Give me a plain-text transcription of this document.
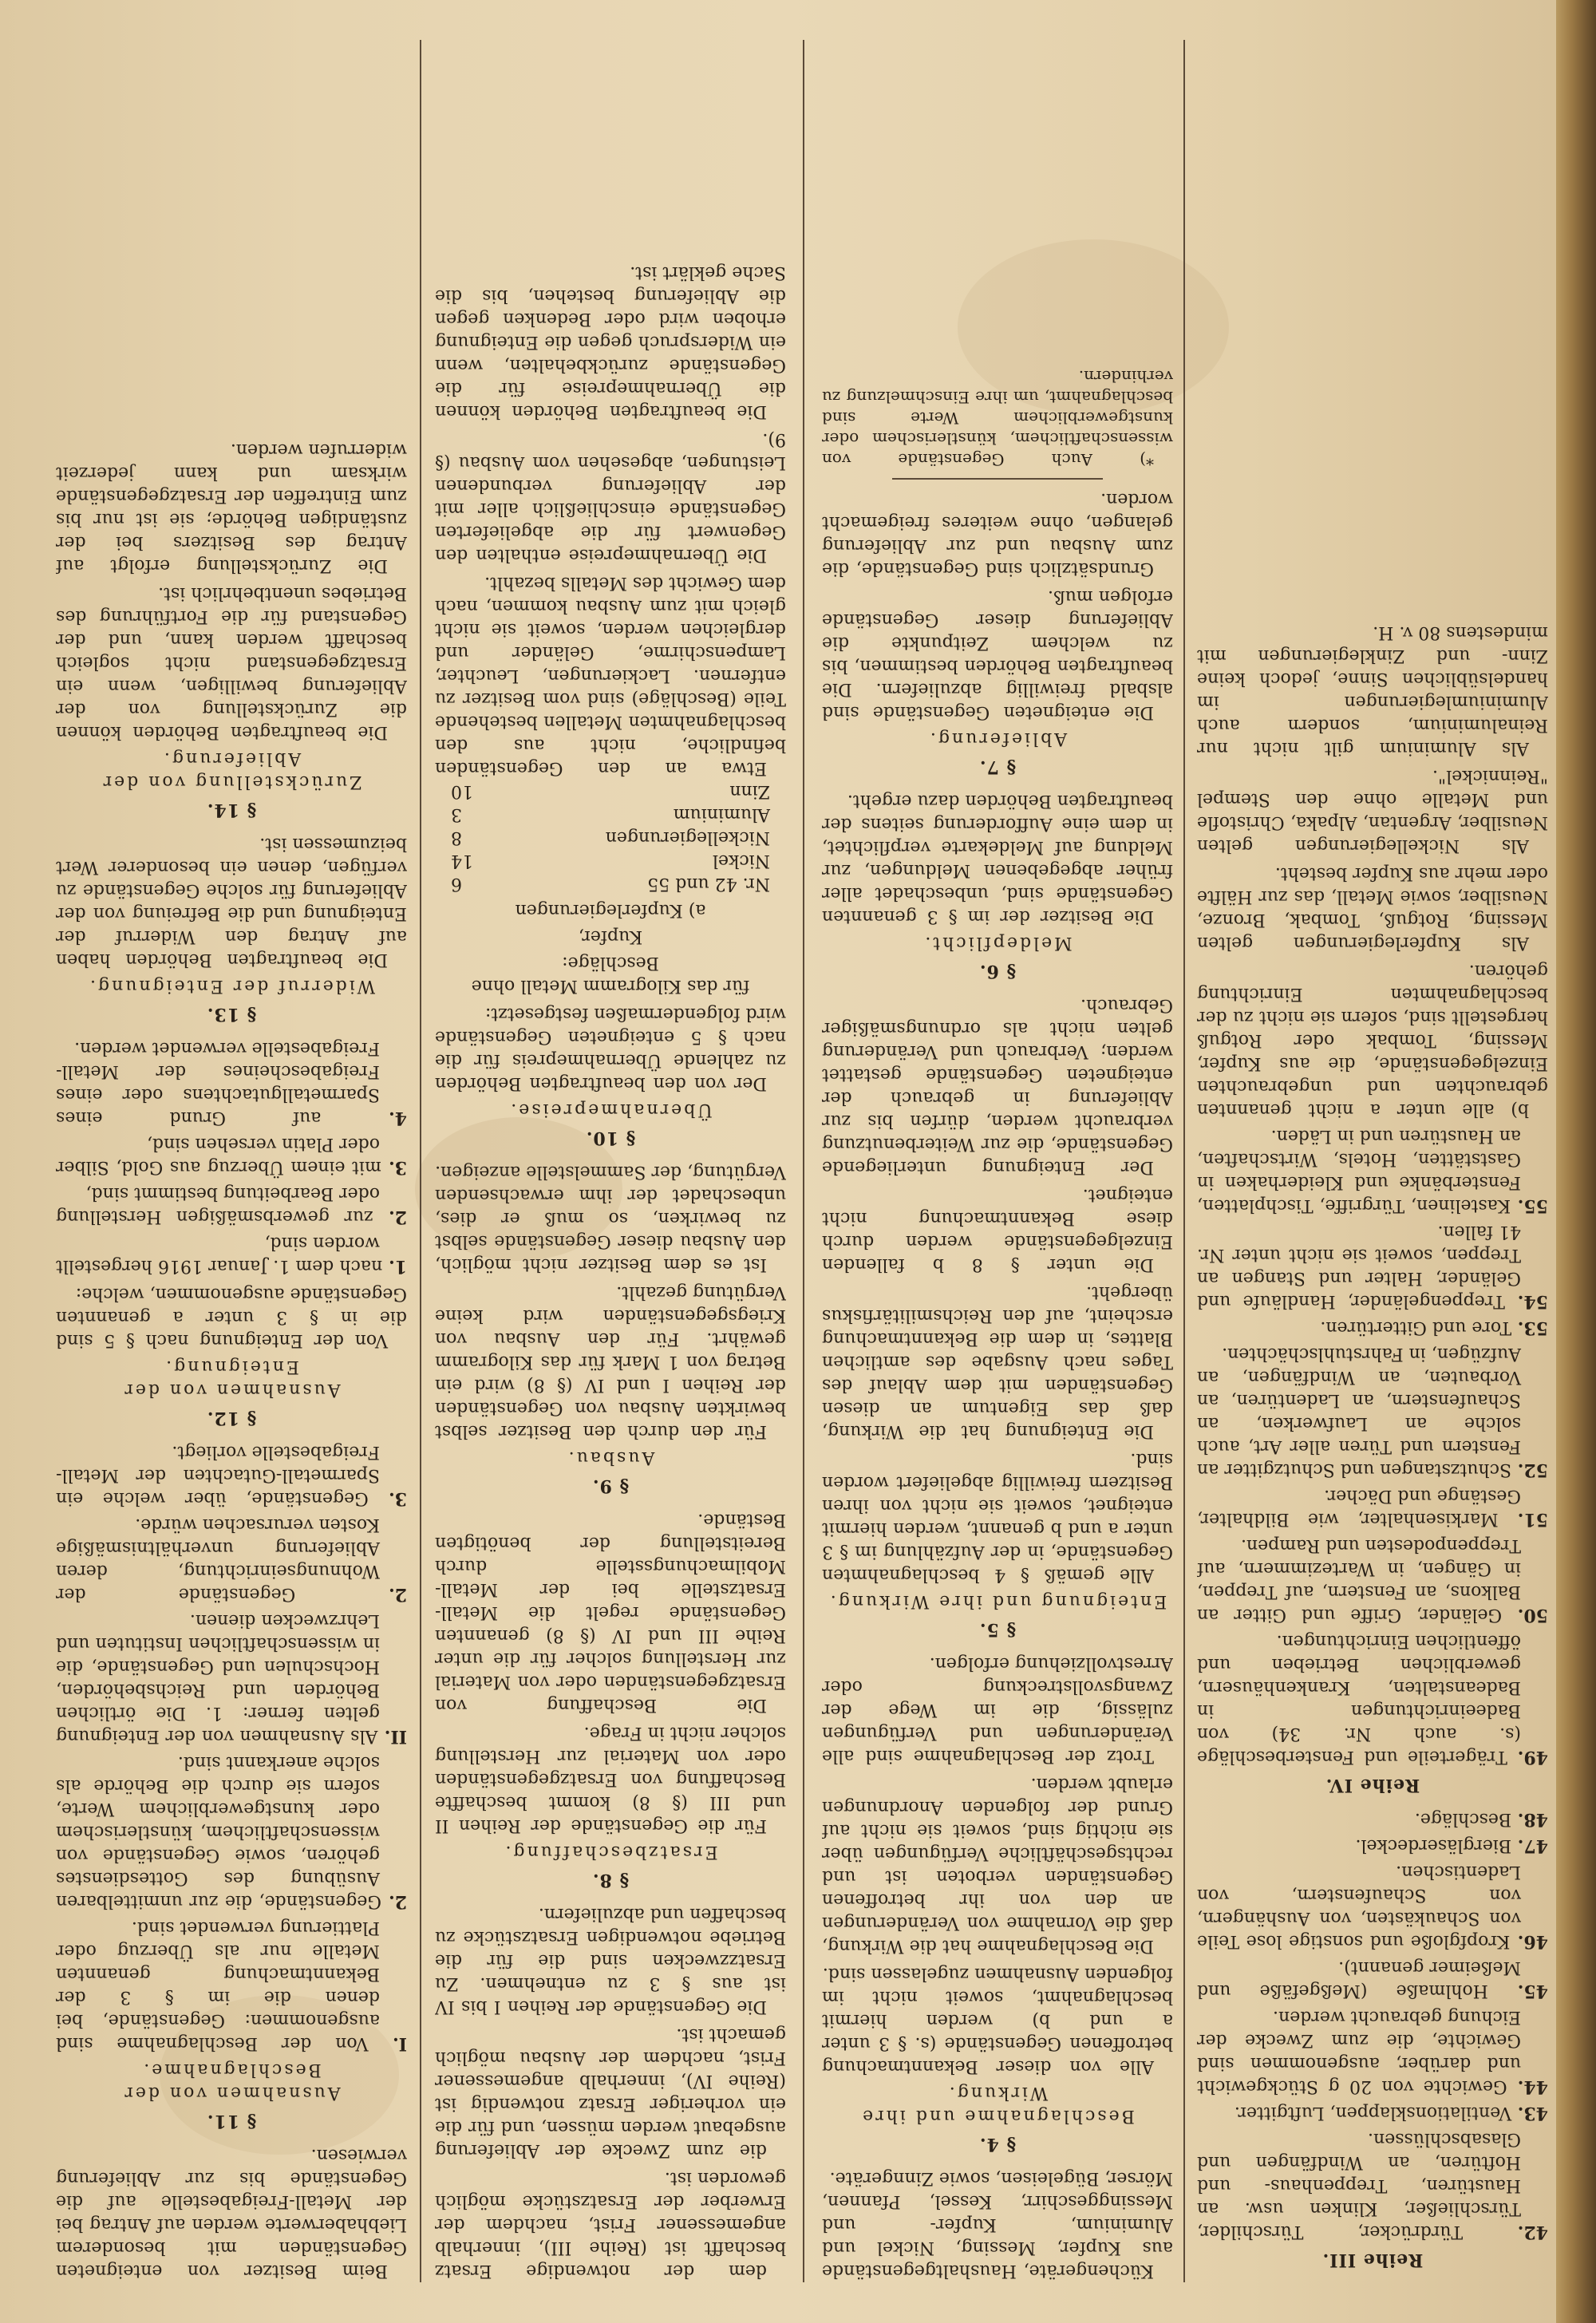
Reihe III.
42. Türdrücker, Türschilder, Türschließer, Klinken usw. an Haustüren, Treppenhaus- und Hoftüren, an Windfängen und Glasabschlüssen.
43. Ventilationsklappen, Luftgitter.
44. Gewichte von 20 g Stückgewicht und darüber, ausgenommen sind Gewichte, die zum Zwecke der Eichung gebraucht werden.
45. Hohlmaße (Meßgefäße und Meßeimer genannt).
46. Kropfgloße und sonstige lose Teile von Schaukästen, von Aushängern, von Schaufenstern, von Ladentischen.
47. Biergläserdeckel.
48. Beschläge.
Reihe IV.
49. Trägerteile und Fensterbeschläge (s. auch Nr. 34) von Badeeinrichtungen in Badeanstalten, Krankenhäusern, gewerblichen Betrieben und öffentlichen Einrichtungen.
50. Geländer, Griffe und Gitter an Balkons, an Fenstern, auf Treppen, in Gängen, in Wartezimmern, auf Treppenpodesten und Rampen.
51. Markisenhalter, wie Bildhalter, Gestänge und Dächer.
52. Schutzstangen und Schutzgitter an Fenstern und Türen aller Art, auch solche an Laufwerken, an Schaufenstern, an Ladentüren, an Vorbauten, an Windfängen, an Aufzügen, in Fahrstuhlschächten.
53. Tore und Gittertüren.
54. Treppengeländer, Handläufe und Geländer, Halter und Stangen an Treppen, soweit sie nicht unter Nr. 41 fallen.
55. Kastelinen, Türgriffe, Tischplatten, Fensterbänke und Kleiderhaken in Gaststätten, Hotels, Wirtschaften, an Haustüren und in Läden.
b) alle unter a nicht genannten gebrauchten und ungebrauchten Einzelgegenstände, die aus Kupfer, Messing, Tombak oder Rotguß hergestellt sind, sofern sie nicht zu der beschlagnahmten Einrichtung gehören.
Als Kupferlegierungen gelten Messing, Rotguß, Tombak, Bronze, Neusilber, sowie Metall, das zur Hälfte oder mehr aus Kupfer besteht.
Als Nickellegierungen gelten Neusilber, Argentan, Alpaka, Christofle und Metalle ohne den Stempel "Reinnickel".
Als Aluminium gilt nicht nur Reinaluminium, sondern auch Aluminiumlegierungen im handelsüblichen Sinne, jedoch keine Zinn- und Zinklegierungen mit mindestens 80 v. H.
Küchengeräte, Haushaltgegenstände aus Kupfer, Messing, Nickel und Aluminium, Kupfer- und Messinggeschirr, Kessel, Pfannen, Mörser, Bügeleisen, sowie Zinngeräte.
§ 4.
Beschlagnahme und ihre Wirkung.
Alle von dieser Bekanntmachung betroffenen Gegenstände (s. § 3 unter a und b) werden hiermit beschlagnahmt, soweit nicht im folgenden Ausnahmen zugelassen sind.
Die Beschlagnahme hat die Wirkung, daß die Vornahme von Veränderungen an den von ihr betroffenen Gegenständen verboten ist und rechtsgeschäftliche Verfügungen über sie nichtig sind, soweit sie nicht auf Grund der folgenden Anordnungen erlaubt werden.
Trotz der Beschlagnahme sind alle Veränderungen und Verfügungen zulässig, die im Wege der Zwangsvollstreckung oder Arrestvollziehung erfolgen.
§ 5.
Enteignung und ihre Wirkung.
Alle gemäß § 4 beschlagnahmten Gegenstände, in der Aufzählung im § 3 unter a und b genannt, werden hiermit enteignet, soweit sie nicht von ihren Besitzern freiwillig abgeliefert worden sind.
Die Enteignung hat die Wirkung, daß das Eigentum an diesen Gegenständen mit dem Ablauf des Tages nach Ausgabe des amtlichen Blattes, in dem die Bekanntmachung erscheint, auf den Reichsmilitärfiskus übergeht.
Die unter § 8 b fallenden Einzelgegenstände werden durch diese Bekanntmachung nicht enteignet.
Der Enteignung unterliegende Gegenstände, die zur Weiterbenutzung verbraucht werden, dürfen bis zur Ablieferung in gebrauch der enteigneten Gegenstände gestattet werden; Verbrauch und Veränderung gelten nicht als ordnungsmäßiger Gebrauch.
§ 6.
Meldepflicht.
Die Besitzer der im § 3 genannten Gegenstände sind, unbeschadet aller früher abgegebenen Meldungen, zur Meldung auf Meldekarte verpflichtet, in dem eine Aufforderung seitens der beauftragten Behörden dazu ergeht.
§ 7.
Ablieferung.
Die enteigneten Gegenstände sind alsbald freiwillig abzuliefern. Die beauftragten Behörden bestimmen, bis zu welchem Zeitpunkte die Ablieferung dieser Gegenstände erfolgen muß.
Grundsätzlich sind Gegenstände, die zum Ausbau und zur Ablieferung gelangen, ohne weiteres freigemacht worden.
*) Auch Gegenstände von wissenschaftlichem, künstlerischem oder kunstgewerblichem Werte sind beschlagnahmt, um ihre Einschmelzung zu verhindern.
dem der notwendige Ersatz beschafft ist (Reihe III), innerhalb angemessener Frist, nachdem der Erwerber der Ersatzstücke möglich geworden ist.
die zum Zwecke der Ablieferung ausgebaut werden müssen, und für die ein vorheriger Ersatz notwendig ist (Reihe IV), innerhalb angemessener Frist, nachdem der Ausbau möglich gemacht ist.
Die Gegenstände der Reihen I bis IV ist aus § 3 zu entnehmen. Zu Ersatzzwecken sind die für die Betriebe notwendigen Ersatzstücke zu beschaffen und abzuliefern.
§ 8.
Ersatzbeschaffung.
Für die Gegenstände der Reihen II und III (§ 8) kommt beschaffte Beschaffung von Ersatzgegenständen oder von Material zur Herstellung solcher nicht in Frage.
Die Beschaffung von Ersatzgegenständen oder von Material zur Herstellung solcher für die unter Reihe III und IV (§ 8) genannten Gegenstände regelt die Metall-Ersatzstelle bei der Metall-Mobilmachungsstelle durch Bereitstellung der benötigten Bestände.
§ 9.
Ausbau.
Für den durch den Besitzer selbst bewirkten Ausbau von Gegenständen der Reihen I und IV (§ 8) wird ein Betrag von 1 Mark für das Kilogramm gewährt. Für den Ausbau von Kriegsgegenständen wird keine Vergütung gezahlt.
Ist es dem Besitzer nicht möglich, den Ausbau dieser Gegenstände selbst zu bewirken, so muß er dies, unbeschadet der ihm erwachsenden Vergütung, der Sammelstelle anzeigen.
§ 10.
Übernahmepreise.
Der von den beauftragten Behörden zu zahlende Übernahmepreis für die nach § 5 enteigneten Gegenstände wird folgendermaßen festgesetzt:
für das Kilogramm Metall ohne Beschläge:
Kupfer,
a) Kupferlegierungen
Nr. 42 und 55
6
Nickel
14
Nickellegierungen
8
Aluminium
3
Zinn
10
Etwa an den Gegenständen befindliche, nicht aus den beschlagnahmten Metallen bestehende Teile (Beschläge) sind vom Besitzer zu entfernen. Lackierungen, Leuchter, Lampenschirme, Geländer und dergleichen werden, soweit sie nicht gleich mit zum Ausbau kommen, nach dem Gewicht des Metalls bezahlt.
Die Übernahmepreise enthalten den Gegenwert für die abgelieferten Gegenstände einschließlich aller mit der Ablieferung verbundenen Leistungen, abgesehen vom Ausbau (§ 9).
Die beauftragten Behörden können die Übernahmepreise für die Gegenstände zurückbehalten, wenn ein Widerspruch gegen die Enteignung erhoben wird oder Bedenken gegen die Ablieferung bestehen, bis die Sache geklärt ist.
Beim Besitzer von enteigneten Gegenständen mit besonderem Liebhaberwerte werden auf Antrag bei der Metall-Freigabestelle auf die Gegenstände bis zur Ablieferung verwiesen.
§ 11.
Ausnahmen von der Beschlagnahme.
I. Von der Beschlagnahme sind ausgenommen: Gegenstände, bei denen die im § 3 der Bekanntmachung genannten Metalle nur als Überzug oder Plattierung verwendet sind.
2. Gegenstände, die zur unmittelbaren Ausübung des Gottesdienstes gehören, sowie Gegenstände von wissenschaftlichem, künstlerischem oder kunstgewerblichem Werte, sofern sie durch die Behörde als solche anerkannt sind.
II. Als Ausnahmen von der Enteignung gelten ferner: 1. Die örtlichen Behörden und Reichsbehörden, Hochschulen und Gegenstände, die in wissenschaftlichen Instituten und Lehrzwecken dienen.
2. Gegenstände der Wohnungseinrichtung, deren Ablieferung unverhältnismäßige Kosten verursachen würde.
3. Gegenstände, über welche ein Sparmetall-Gutachten der Metall-Freigabestelle vorliegt.
§ 12.
Ausnahmen von der Enteignung.
Von der Enteignung nach § 5 sind die in § 3 unter a genannten Gegenstände ausgenommen, welche:
1. nach dem 1. Januar 1916 hergestellt worden sind,
2. zur gewerbsmäßigen Herstellung oder Bearbeitung bestimmt sind,
3. mit einem Überzug aus Gold, Silber oder Platin versehen sind,
4. auf Grund eines Sparmetallgutachtens oder eines Freigabescheines der Metall-Freigabestelle verwendet werden.
§ 13.
Widerruf der Enteignung.
Die beauftragten Behörden haben auf Antrag den Widerruf der Enteignung und die Befreiung von der Ablieferung für solche Gegenstände zu verfügen, denen ein besonderer Wert beizumessen ist.
§ 14.
Zurückstellung von der Ablieferung.
Die beauftragten Behörden können die Zurückstellung von der Ablieferung bewilligen, wenn ein Ersatzgegenstand nicht sogleich beschafft werden kann, und der Gegenstand für die Fortführung des Betriebes unentbehrlich ist.
Die Zurückstellung erfolgt auf Antrag des Besitzers bei der zuständigen Behörde; sie ist nur bis zum Eintreffen der Ersatzgegenstände wirksam und kann jederzeit widerrufen werden.
